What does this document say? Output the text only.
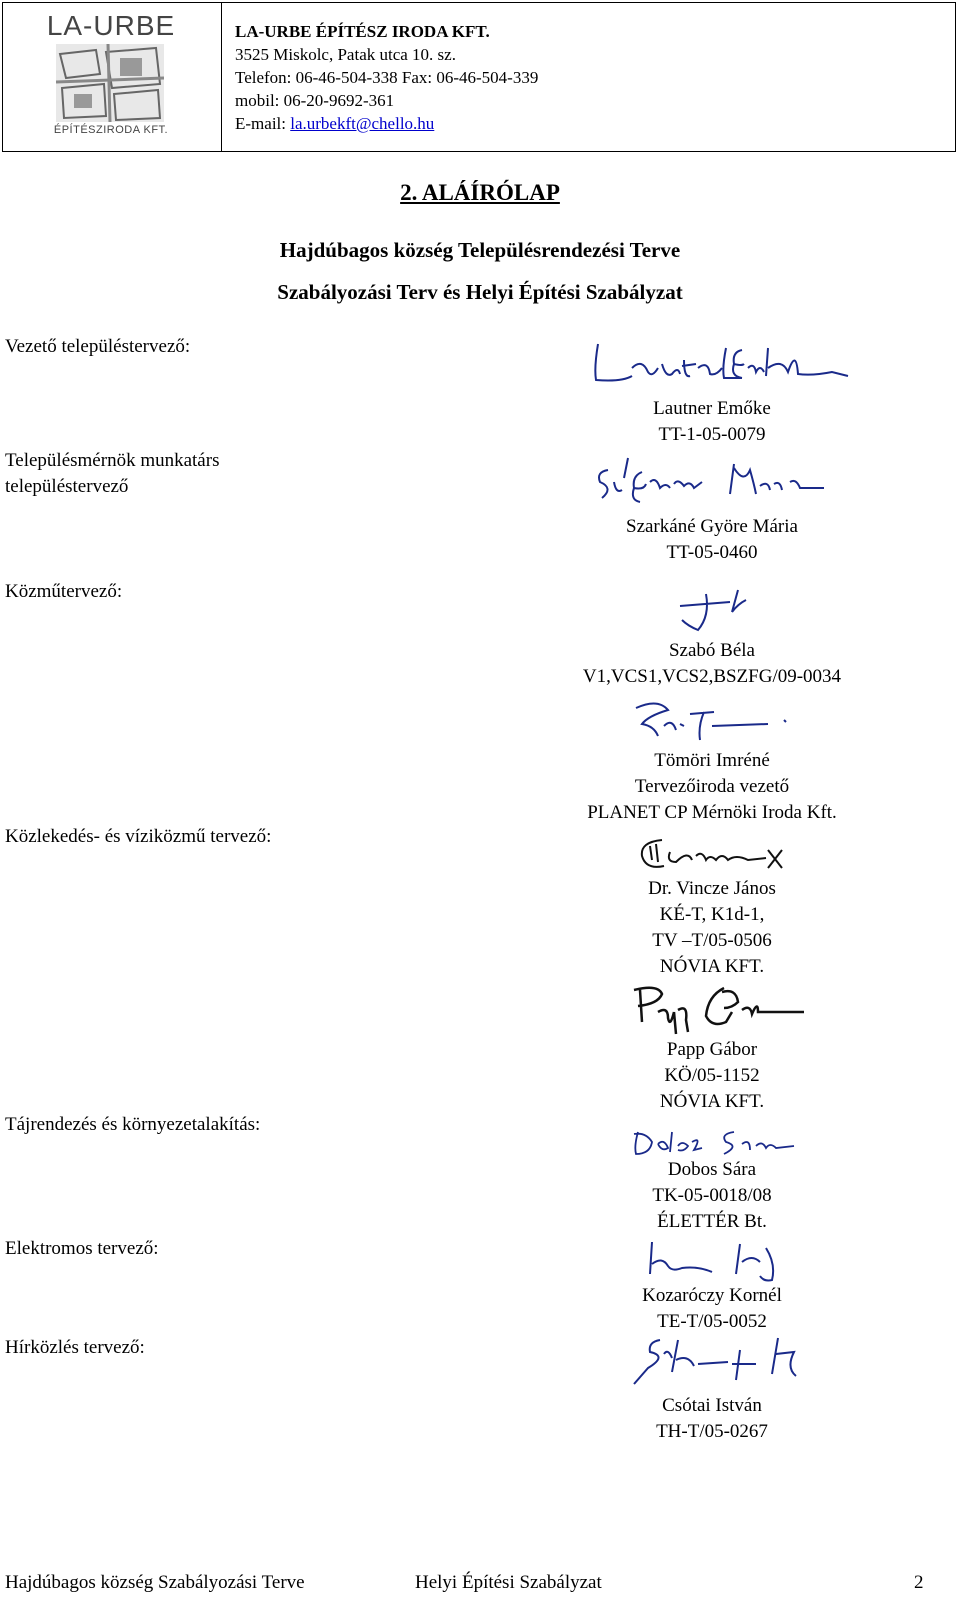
LA-URBE
ÉPÍTÉSZIRODA KFT.
LA-URBE ÉPÍTÉSZ IRODA KFT.
3525 Miskolc, Patak utca 10. sz.
Telefon: 06-46-504-338 Fax: 06-46-504-339
mobil: 06-20-9692-361
E-mail: la.urbekft@chello.hu
2. ALÁÍRÓLAP
Hajdúbagos község Településrendezési Terve
Szabályozási Terv és Helyi Építési Szabályzat
Vezető településtervező:
Településmérnök munkatárs
településtervező
Közműtervező:
Közlekedés- és víziközmű tervező:
Tájrendezés és környezetalakítás:
Elektromos tervező:
Hírközlés tervező:
Lautner Emőke
TT-1-05-0079
Szarkáné Györe Mária
TT-05-0460
Szabó Béla
V1,VCS1,VCS2,BSZFG/09-0034
Tömöri Imréné
Tervezőiroda vezető
PLANET CP Mérnöki Iroda Kft.
Dr. Vincze János
KÉ-T, K1d-1,
TV –T/05-0506
NÓVIA KFT.
Papp Gábor
KÖ/05-1152
NÓVIA KFT.
Dobos Sára
TK-05-0018/08
ÉLETTÉR Bt.
Kozaróczy Kornél
TE-T/05-0052
Csótai István
TH-T/05-0267
Hajdúbagos község Szabályozási Terve	Helyi Építési Szabályzat	2
